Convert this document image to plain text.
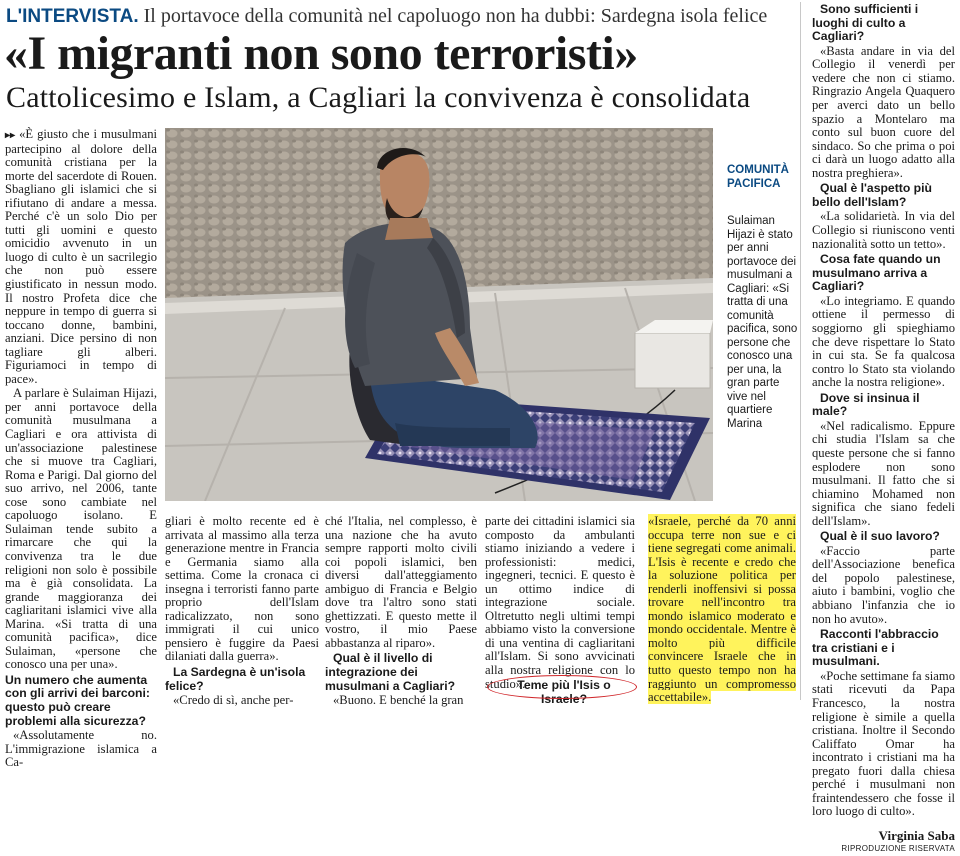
L'INTERVISTA. Il portavoce della comunità nel capoluogo non ha dubbi: Sardegna isola felice
«I migranti non sono terroristi»
Cattolicesimo e Islam, a Cagliari la convivenza è consolidata

▸▸ «È giusto che i musulmani partecipino al dolore della comunità cristiana per la morte del sacerdote di Rouen. Sbagliano gli islamici che si rifiutano di andare a messa. Perché c'è un solo Dio per tutti gli uomini e questo omicidio avvenuto in un luogo di culto è un sacrilegio che non può essere giustificato in nessun modo. Il nostro Profeta dice che neppure in tempo di guerra si toccano donne, bambini, anziani. Dice persino di non tagliare gli alberi. Figuriamoci in tempo di pace».

A parlare è Sulaiman Hijazi, per anni portavoce della comunità musulmana a Cagliari e ora attivista di un'associazione palestinese che si muove tra Cagliari, Roma e Parigi. Dal giorno del suo arrivo, nel 2006, tante cose sono cambiate nel capoluogo isolano. E Sulaiman tende subito a rimarcare che qui la convivenza tra le due religioni non solo è possibile ma è già consolidata. La grande maggioranza dei cagliaritani islamici vive alla Marina. «Si tratta di una comunità pacifica», dice Sulaiman, «persone che conosco una per una».

Un numero che aumenta con gli arrivi dei barconi: questo può creare problemi alla sicurezza?

«Assolutamente no. L'immigrazione islamica a Ca-

COMUNITÀ PACIFICA
Sulaiman Hijazi è stato per anni portavoce dei musulmani a Cagliari: «Si tratta di una comunità pacifica, sono persone che conosco una per una, la gran parte vive nel quartiere Marina

gliari è molto recente ed è arrivata al massimo alla terza generazione mentre in Francia e Germania siamo alla settima. Come la cronaca ci insegna i terroristi fanno parte proprio dell'Islam radicalizzato, non sono immigrati il cui unico pensiero è fuggire da Paesi dilaniati dalla guerra».

La Sardegna è un'isola felice?

«Credo di sì, anche per-

ché l'Italia, nel complesso, è una nazione che ha avuto sempre rapporti molto civili coi popoli islamici, ben diversi dall'atteggiamento ambiguo di Francia e Belgio dove tra l'altro sono stati ghettizzati. E questo mette il vostro, il mio Paese abbastanza al riparo».

Qual è il livello di integrazione dei musulmani a Cagliari?

«Buono. E benché la gran

parte dei cittadini islamici sia composto da ambulanti stiamo iniziando a vedere i professionisti: medici, ingegneri, tecnici. E questo è un ottimo indice di integrazione sociale. Oltretutto negli ultimi tempi abbiamo visto la conversione di una ventina di cagliaritani all'Islam. Si sono avvicinati alla nostra religione con lo studio».

Teme più l'Isis o Israele?

«Israele, perché da 70 anni occupa terre non sue e ci tiene segregati come animali. L'Isis è recente e credo che la soluzione politica per renderli inoffensivi si possa trovare nell'incontro tra mondo islamico moderato e mondo occidentale. Mentre è molto più difficile convincere Israele che in tutto questo tempo non ha raggiunto un compromesso accettabile».

Sono sufficienti i luoghi di culto a Cagliari?

«Basta andare in via del Collegio il venerdì per vedere che non ci stiamo. Ringrazio Angela Quaquero per averci dato un bello spazio a Montelaro ma conto sul buon cuore del sindaco. So che prima o poi ci darà un luogo adatto alla nostra preghiera».

Qual è l'aspetto più bello dell'Islam?

«La solidarietà. In via del Collegio si riuniscono venti nazionalità sotto un tetto».

Cosa fate quando un musulmano arriva a Cagliari?

«Lo integriamo. E quando ottiene il permesso di soggiorno gli spieghiamo che deve rispettare lo Stato in cui sta. Se fa qualcosa contro lo Stato sta violando anche la nostra religione».

Dove si insinua il male?

«Nel radicalismo. Eppure chi studia l'Islam sa che queste persone che si fanno esplodere non sono musulmani. Il fatto che si chiamino Mohamed non significa che siano fedeli dell'Islam».

Qual è il suo lavoro?

«Faccio parte dell'Associazione benefica del popolo palestinese, aiuto i bambini, voglio che abbiano l'infanzia che io non ho avuto».

Racconti l'abbraccio tra cristiani e i musulmani.

«Poche settimane fa siamo stati ricevuti da Papa Francesco, la nostra religione è simile a quella cristiana. Inoltre il Secondo Califfato Omar ha incontrato i cristiani ma ha pregato fuori dalla chiesa perché i musulmani non fraintendessero che fosse il loro luogo di culto».

Virginia Saba
RIPRODUZIONE RISERVATA
